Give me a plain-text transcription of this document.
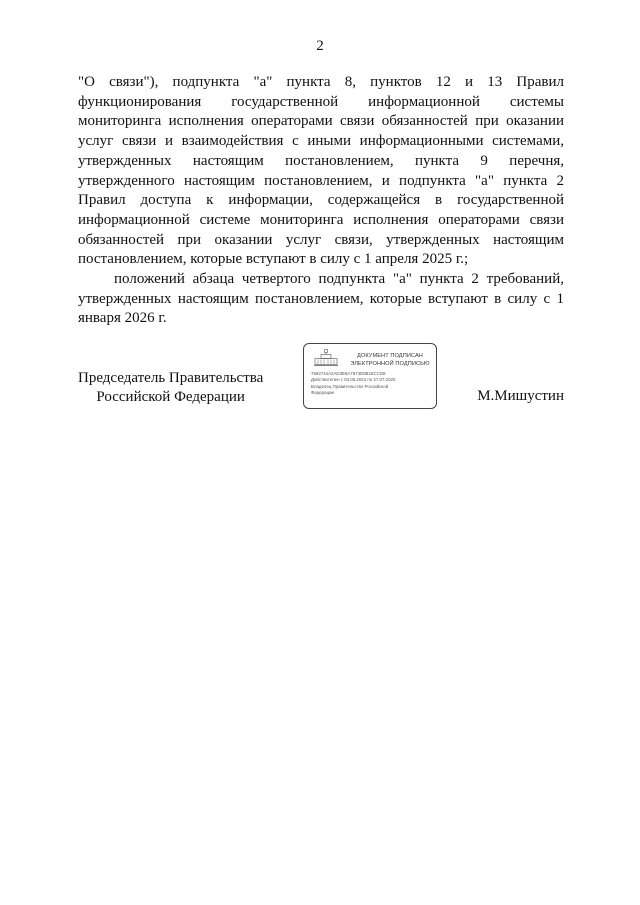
2

"О связи"), подпункта "а" пункта 8, пунктов 12 и 13 Правил функционирования государственной информационной системы мониторинга исполнения операторами связи обязанностей при оказании услуг связи и взаимодействия с иными информационными системами, утвержденных настоящим постановлением, пункта 9 перечня, утвержденного настоящим постановлением, и подпункта "а" пункта 2 Правил доступа к информации, содержащейся в государственной информационной системе мониторинга исполнения операторами связи обязанностей при оказании услуг связи, утвержденных настоящим постановлением, которые вступают в силу с 1 апреля 2025 г.;

положений абзаца четвертого подпункта "а" пункта 2 требований, утвержденных настоящим постановлением, которые вступают в силу с 1 января 2026 г.

Председатель Правительства
Российской Федерации
ДОКУМЕНТ ПОДПИСАН
ЭЛЕКТРОННОЙ ПОДПИСЬЮ
7692744А2АD3E9A7873D8B18CCD8
Действителен с 03.05.2024 по 27.07.2025
Владелец Правительство Российской
Федерации	М.Мишустин
